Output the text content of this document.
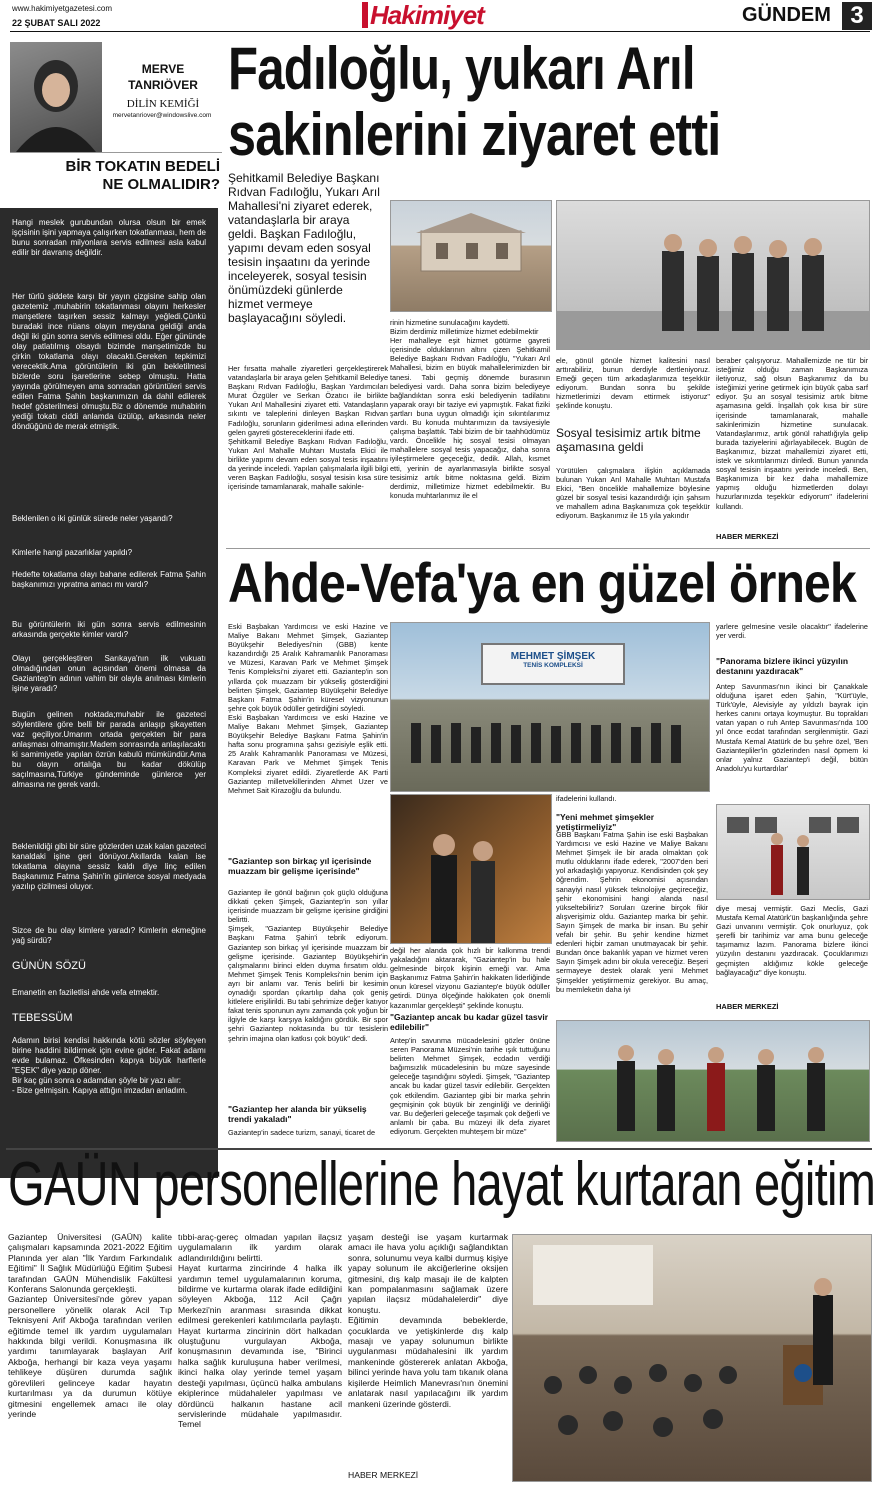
www.hakimiyetgazetesi.com
22 ŞUBAT SALI 2022	Hakimiyet	GÜNDEM 3
MERVE
TANRIÖVER
DİLİN KEMİĞİ
mervetanriover@windowslive.com
BİR TOKATIN BEDELİ NE OLMALIDIR?
Hangi meslek gurubundan olursa olsun bir emek işçisinin işini yapmaya çalışırken tokatlanması, hem de bunu sonradan milyonlara servis edilmesi asla kabul edilir bir davranış değildir.
Her türlü şiddete karşı bir yayın çizgisine sahip olan gazetemiz ,muhabirin tokatlanması olayını herkesler manşetlere taşırken sessiz kalmayı yeğledi.Çünkü buradaki ince nüans olayın meydana geldiği anda değil iki gün sonra servis edilmesi oldu. Eğer gününde olay patlatılmış olsaydı bizimde manşetimizde bu çirkin tokatlama olayı olacaktı.Gereken tepkimizi verecektik.Ama görüntülerin iki gün bekletilmesi bizlerde soru işaretlerine sebep olmuştu. Hatta yayında görülmeyen ama sonradan görüntüleri servis edilen Fatma Şahin başkanımızın da dahil edilerek hedef gösterilmesi olmuştu.Biz o dönemde muhabirin yediği tokatı ciddi anlamda üzülüp, arkasında neler döndüğünü de merak etmiştik.
Beklenilen o iki günlük sürede neler yaşandı?
Kimlerle hangi pazarlıklar yapıldı?
Hedefte tokatlama olayı bahane edilerek Fatma Şahin başkanımızı yıpratma amacı mı vardı?
Bu görüntülerin iki gün sonra servis edilmesinin arkasında gerçekte kimler vardı?
Olayı gerçekleştiren Sarıkaya'nın ilk vukuatı olmadığından onun açısından önemi olmasa da Gaziantep'in adının vahim bir olayla anılması kimlerin işine yaradı?
Bugün gelinen noktada;muhabir ile gazeteci söylentilere göre belli bir parada anlaşıp şikayetten vaz geçiliyor.Umarım ortada gerçekten bir para anlaşması olmamıştır.Madem sonrasında anlaşılacaktı ki samimiyetle yapılan özrün kabulü mümkündür.Ama bu olayın ortalığa bu kadar dökülüp saçılmasına,Türkiye gündeminde günlerce yer almasına ne gerek vardı.
Beklenildiği gibi bir süre gözlerden uzak kalan gazeteci kanaldaki işine geri dönüyor.Akıllarda kalan ise tokatlama olayına sessiz kaldı diye linç edilen Başkanımız Fatma Şahin'in günlerce sosyal medyada yazılıp çizilmesi oluyor.
Sizce de bu olay kimlere yaradı? Kimlerin ekmeğine yağ sürdü?
GÜNÜN SÖZÜ
Emanetin en faziletlisi ahde vefa etmektir.
TEBESSÜM
Adamın birisi kendisi hakkında kötü sözler söyleyen birine haddini bildirmek için evine gider. Fakat adamı evde bulamaz. Öfkesinden kapıya büyük harflerle "EŞEK" diye yazıp döner.
Bir kaç gün sonra o adamdan şöyle bir yazı alır:
- Bize gelmişsin. Kapıya attığın imzadan anladım.
Fadıloğlu, yukarı Arıl
sakinlerini ziyaret etti
Şehitkamil Belediye Başkanı Rıdvan Fadıloğlu, Yukarı Arıl Mahallesi'ni ziyaret ederek, vatandaşlarla bir araya geldi. Başkan Fadıloğlu, yapımı devam eden sosyal tesisin inşaatını da yerinde inceleyerek, sosyal tesisin önümüzdeki günlerde hizmet vermeye başlayacağını söyledi.
Her fırsatta mahalle ziyaretleri gerçekleştirerek vatandaşlarla bir araya gelen Şehitkamil Belediye Başkanı Rıdvan Fadıloğlu, Başkan Yardımcıları Murat Özgüler ve Serkan Özatıcı ile birlikte Yukarı Arıl Mahallesini ziyaret etti. Vatandaşların sıkıntı ve taleplerini dinleyen Başkan Rıdvan Fadıloğlu, sorunların giderilmesi adına ellerinden gelen gayreti göstereceklerini ifade etti.
Şehitkamil Belediye Başkanı Rıdvan Fadıloğlu, Yukarı Arıl Mahalle Muhtarı Mustafa Ekici ile birlikte yapımı devam eden sosyal tesis inşaatını da yerinde inceledi. Yapılan çalışmalarla ilgili bilgi veren Başkan Fadıloğlu, sosyal tesisin kısa süre içerisinde tamamlanarak, mahalle sakinle-
rinin hizmetine sunulacağını kaydetti.
Bizim derdimiz milletimize hizmet edebilmektir
Her mahalleye eşit hizmet götürme gayreti içerisinde olduklarının altını çizen Şehitkamil Belediye Başkanı Rıdvan Fadıloğlu, "Yukarı Arıl Mahallesi, bizim en büyük mahallelerimizden bir tanesi. Tabi geçmiş dönemde burasının belediyesi vardı. Daha sonra bizim belediyeye bağlandıktan sonra eski belediyenin tadilatını yaparak orayı bir taziye evi yapmıştık. Fakat fiziki şartları buna uygun olmadığı için sıkıntılarımız vardı. Bu konuda muhtarımızın da tavsiyesiyle çalışma başlattık. Tabi bizim de bir taahhüdümüz vardı. Öncelikle hiç sosyal tesisi olmayan mahallelere sosyal tesis yapacağız, daha sonra iyileştirmelere geçeceğiz, dedik. Allah, kısmet etti, yerinin de ayarlanmasıyla birlikte sosyal tesisimiz artık bitme noktasına geldi. Bizim derdimiz, milletimize hizmet edebilmektir. Bu konuda muhtarlarımız ile el
ele, gönül gönüle hizmet kalitesini nasıl arttırabiliriz, bunun derdiyle dertleniyoruz. Emeği geçen tüm arkadaşlarımıza teşekkür ediyorum. Bundan sonra bu şekilde hizmetlerimizi devam ettirmek istiyoruz" şeklinde konuştu.
Sosyal tesisimiz artık bitme aşamasına geldi
Yürütülen çalışmalara ilişkin açıklamada bulunan Yukarı Arıl Mahalle Muhtarı Mustafa Ekici, "Ben öncelikle mahallemize böylesine güzel bir sosyal tesisi kazandırdığı için şahsım ve mahallem adına Başkanımıza çok teşekkür ediyorum. Başkanımız ile 15 yıla yakındır
beraber çalışıyoruz. Mahallemizde ne tür bir isteğimiz olduğu zaman Başkanımıza iletiyoruz, sağ olsun Başkanımız da bu isteğimizi yerine getirmek için büyük çaba sarf ediyor. Şu an sosyal tesisimiz artık bitme aşamasına geldi. İnşallah çok kısa bir süre içerisinde tamamlanarak, mahalle sakinlerimizin hizmetine sunulacak. Vatandaşlarımız, artık gönül rahatlığıyla gelip burada taziyelerini ağırlayabilecek. Bugün de Başkanımız, bizzat mahallemizi ziyaret etti, istek ve sıkıntılarımızı dinledi. Bunun yanında sosyal tesisin inşaatını yerinde inceledi. Ben, Başkanımıza bir kez daha mahallemize yapmış olduğu hizmetlerden dolayı huzurlarınızda teşekkür ediyorum" ifadelerini kullandı.
HABER MERKEZİ
Ahde-Vefa'ya en güzel örnek
Eski Başbakan Yardımcısı ve eski Hazine ve Maliye Bakanı Mehmet Şimşek, Gaziantep Büyükşehir Belediyesi'nin (GBB) kente kazandırdığı 25 Aralık Kahramanlık Panoraması ve Müzesi, Karavan Park ve Mehmet Şimşek Tenis Kompleksi'ni ziyaret etti. Gaziantep'in son yıllarda çok muazzam bir yükseliş gösterdiğini belirten Şimşek, Gaziantep Büyükşehir Belediye Başkanı Fatma Şahin'in küresel vizyonunun şehre çok büyük ödüller getirdiğini söyledi.
Eski Başbakan Yardımcısı ve eski Hazine ve Maliye Bakanı Mehmet Şimşek, Gaziantep Büyükşehir Belediye Başkanı Fatma Şahin'in hafta sonu programına şahsı gezisiyle eşlik etti. 25 Aralık Kahramanlık Panoraması ve Müzesi, Karavan Park ve Mehmet Şimşek Tenis Kompleksi ziyaret edildi. Ziyaretlerde AK Parti Gaziantep milletvekillerinden Ahmet Uzer ve Mehmet Sait Kirazoğlu da bulundu.
"Gaziantep son birkaç yıl içerisinde muazzam bir gelişme içerisinde"
Gaziantep ile gönül bağının çok güçlü olduğuna dikkati çeken Şimşek, Gaziantep'in son yıllar içerisinde muazzam bir gelişme içerisine girdiğini belirtti.
Şimşek, "Gaziantep Büyükşehir Belediye Başkanı Fatma Şahin'i tebrik ediyorum. Gaziantep son birkaç yıl içerisinde muazzam bir gelişme içerisinde. Gaziantep Büyükşehir'in çalışmalarını birinci elden duyma fırsatım oldu. Mehmet Şimşek Tenis Kompleksi'nin benim için ayrı bir anlamı var. Tenis belirli bir kesimin oynadığı spordan çıkartılıp daha çok geniş kitlelere erişilirildi. Bu tabi şehrimize değer katıyor fakat tenis sporunun aynı zamanda çok yoğun bir ilgiyle de karşı karşıya kaldığını gördük. Bir spor şehri Gaziantep noktasında bu tür tesislerin şehrin imajına olan katkısı çok büyük" dedi.
"Gaziantep her alanda bir yükseliş trendi yakaladı"
Gaziantep'in sadece turizm, sanayi, ticaret de
MEHMET ŞİMŞEK
TENİS KOMPLEKSİ
ifadelerini kullandı.
"Yeni mehmet şimşekler yetiştirmeliyiz"
GBB Başkanı Fatma Şahin ise eski Başbakan Yardımcısı ve eski Hazine ve Maliye Bakanı Mehmet Şimşek ile bir arada olmaktan çok mutlu olduklarını ifade ederek, "2007'den beri yol arkadaşlığı yapıyoruz. Kendisinden çok şey öğrendim. Şehrin ekonomisi açısından sanayiyi nasıl yüksek teknolojiye geçireceğiz, şehir ekonomisini hangi alanda nasıl yükseltebiliriz? Soruları üzerine birçok fikir alışverişimiz oldu. Gaziantep marka bir şehir. Sayın Şimşek de marka bir insan. Bu şehir vefalı bir şehir. Bu şehir kendine hizmet edenleri hiçbir zaman unutmayacak bir şehir. Bundan önce bakanlık yapan ve hizmet veren Sayın Şimşek adını bir okula vereceğiz. Beşeri sermayeye destek olarak yeni Mehmet Şimşekler yetiştirmemiz gerekiyor. Bu amaç, bu memleketin daha iyi
değil her alanda çok hızlı bir kalkınma trendi yakaladığını aktararak, "Gaziantep'in bu hale gelmesinde birçok kişinin emeği var. Ama Başkanımız Fatma Şahin'in hakikaten liderliğinde onun küresel vizyonu Gaziantep'e büyük ödüller getirdi. Dünya ölçeğinde hakikaten çok önemli kazanımlar gerçekleşti" şeklinde konuştu.
"Gaziantep ancak bu kadar güzel tasvir edilebilir"
Antep'in savunma mücadelesini gözler önüne seren Panorama Müzesi'nin tarihe ışık tuttuğunu belirten Mehmet Şimşek, ecdadın verdiği bağımsızlık mücadelesinin bu müze sayesinde geleceğe taşındığını söyledi. Şimşek, "Gaziantep ancak bu kadar güzel tasvir edilebilir. Gerçekten çok etkilendim. Gaziantep gibi bir marka şehrin geçmişinin çok büyük bir zenginliği ve derinliği var. Bu değerleri geleceğe taşımak çok değerli ve anlamlı bir çaba. Bu müzeyi ilk defa ziyaret ediyorum. Gerçekten muhteşem bir müze"
yarlere gelmesine vesile olacaktır" ifadelerine yer verdi.
"Panorama bizlere ikinci yüzyılın destanını yazdıracak"
Antep Savunması'nın ikinci bir Çanakkale olduğuna işaret eden Şahin, "Kürt'üyle, Türk'üyle, Alevisiyle ay yıldızlı bayrak için herkes canını ortaya koymuştur. Bu toprakları vatan yapan o ruh Antep Savunması'nda 100 yıl önce ecdat tarafından sergilenmiştir. Gazi Mustafa Kemal Atatürk de bu şehre özel, 'Ben Gaziantepliler'in gözlerinden nasıl öpmem ki onlar yalnız Gaziantep'i değil, bütün Anadolu'yu kurtardılar'
diye mesaj vermiştir. Gazi Meclis, Gazi Mustafa Kemal Atatürk'ün başkanlığında şehre Gazi unvanını vermiştir. Çok onurluyuz, çok şerefli bir tarihimiz var ama bunu geleceğe taşımamız lazım. Panorama bizlere ikinci yüzyılın destanını yazdıracak. Çocuklarımızı geçmişten aldığımız kökle geleceğe bağlayacağız" diye konuştu.
HABER MERKEZİ
GAÜN personellerine hayat kurtaran eğitim
Gaziantep Üniversitesi (GAÜN) kalite çalışmaları kapsamında 2021-2022 Eğitim Planında yer alan "İlk Yardım Farkındalık Eğitimi" İl Sağlık Müdürlüğü Eğitim Şubesi tarafından GAÜN Mühendislik Fakültesi Konferans Salonunda gerçekleşti.
Gaziantep Üniversitesi'nde görev yapan personellere yönelik olarak Acil Tıp Teknisyeni Arif Akboğa tarafından verilen eğitimde temel ilk yardım uygulamaları hakkında bilgi verildi. Konuşmasına ilk yardımı tanımlayarak başlayan Arif Akboğa, herhangi bir kaza veya yaşamı tehlikeye düşüren durumda sağlık görevlileri gelinceye kadar hayatın kurtarılması ya da durumun kötüye gitmesini engellemek amacı ile olay yerinde
tıbbi-araç-gereç olmadan yapılan ilaçsız uygulamaların ilk yardım olarak adlandırıldığını belirtti.
Hayat kurtarma zincirinde 4 halka ilk yardımın temel uygulamalarının koruma, bildirme ve kurtarma olarak ifade edildiğini söyleyen Akboğa, 112 Acil Çağrı Merkezi'nin aranması sırasında dikkat edilmesi gerekenleri katılımcılarla paylaştı. Hayat kurtarma zincirinin dört halkadan oluştuğunu vurgulayan Akboğa, konuşmasının devamında ise, "Birinci halka sağlık kuruluşuna haber verilmesi, ikinci halka olay yerinde temel yaşam desteği yapılması, üçüncü halka ambulans ekiplerince müdahaleler yapılması ve dördüncü halkanın hastane acil servislerinde müdahale yapılmasıdır. Temel
yaşam desteği ise yaşam kurtarmak amacı ile hava yolu açıklığı sağlandıktan sonra, solunumu veya kalbi durmuş kişiye yapay solunum ile akciğerlerine oksijen gitmesini, dış kalp masajı ile de kalpten kan pompalanmasını sağlamak üzere yapılan ilaçsız müdahalelerdir" diye konuştu.
Eğitimin devamında bebeklerde, çocuklarda ve yetişkinlerde dış kalp masajı ve yapay solunumun birlikte uygulanması müdahalesini ilk yardım mankeninde göstererek anlatan Akboğa, bilinci yerinde hava yolu tam tıkanık olana kişilerde Heimlich Manevrası'nın önemini anlatarak nasıl yapılacağını ilk yardım mankeni üzerinde gösterdi.
HABER MERKEZİ
